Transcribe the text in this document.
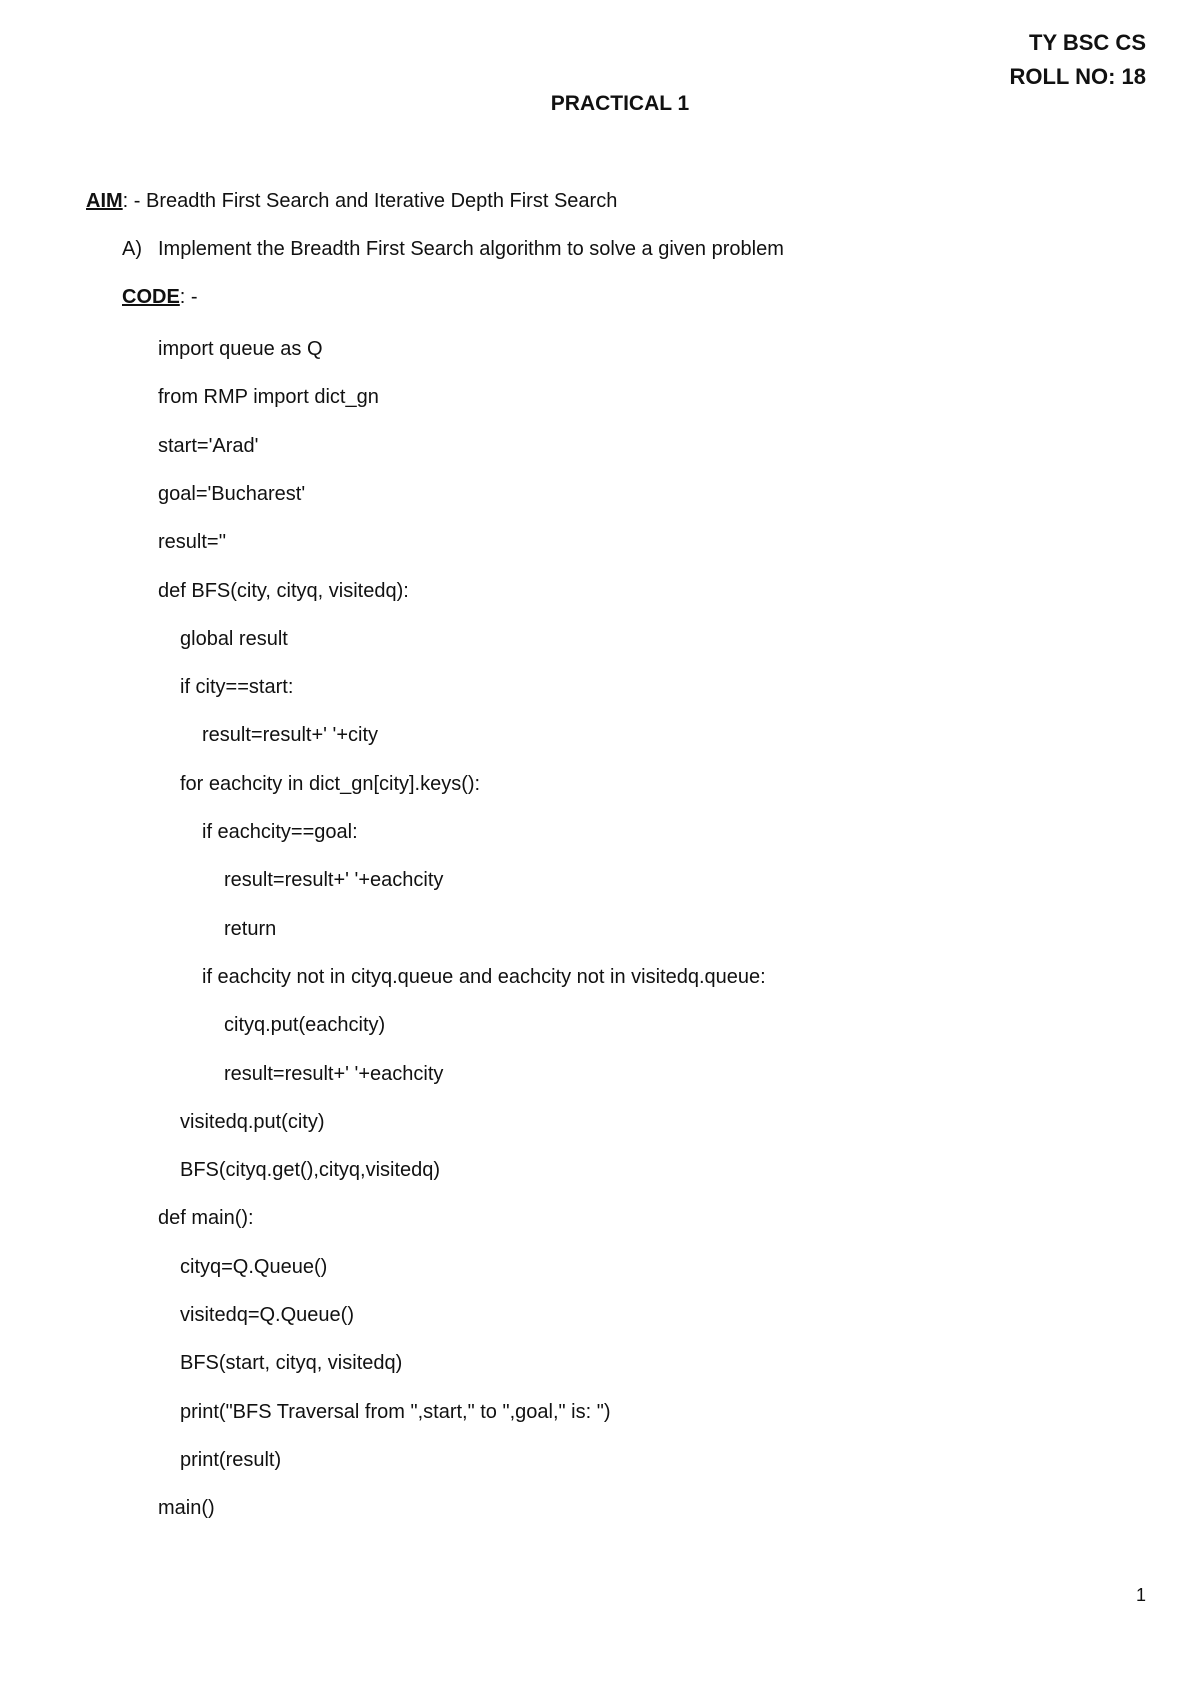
TY BSC CS
ROLL NO: 18
PRACTICAL 1
AIM: - Breadth First Search and Iterative Depth First Search
A) Implement the Breadth First Search algorithm to solve a given problem
CODE: -
import queue as Q
from RMP import dict_gn
start='Arad'
goal='Bucharest'
result=''
def BFS(city, cityq, visitedq):
global result
if city==start:
result=result+' '+city
for eachcity in dict_gn[city].keys():
if eachcity==goal:
result=result+' '+eachcity
return
if eachcity not in cityq.queue and eachcity not in visitedq.queue:
cityq.put(eachcity)
result=result+' '+eachcity
visitedq.put(city)
BFS(cityq.get(),cityq,visitedq)
def main():
cityq=Q.Queue()
visitedq=Q.Queue()
BFS(start, cityq, visitedq)
print("BFS Traversal from ",start," to ",goal," is: ")
print(result)
main()
1
